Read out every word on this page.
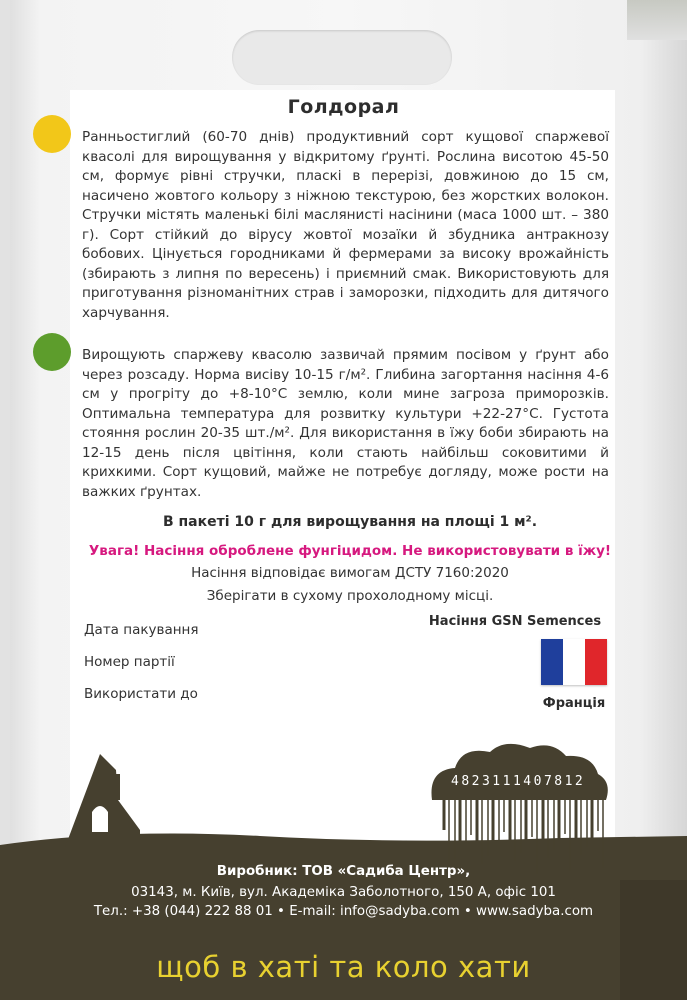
Голдорал
Ранньостиглий (60-70 днів) продуктивний сорт кущової спаржевої квасолі для вирощування у відкритому ґрунті. Рослина висотою 45-50 см, формує рівні стручки, пласкі в перерізі, довжиною до 15 см, насичено жовтого кольору з ніжною текстурою, без жорстких волокон. Стручки містять маленькі білі маслянисті насінини (маса 1000 шт. – 380 г). Сорт стійкий до вірусу жовтої мозаїки й збудника антракнозу бобових. Цінується городниками й фермерами за високу врожайність (збирають з липня по вересень) і приємний смак. Використовують для приготування різноманітних страв і заморозки, підходить для дитячого харчування.
Вирощують спаржеву квасолю зазвичай прямим посівом у ґрунт або через розсаду. Норма висіву 10-15 г/м². Глибина загортання насіння 4-6 см у прогріту до +8-10°С землю, коли мине загроза приморозків. Оптимальна температура для розвитку культури +22-27°С. Густота стояння рослин 20-35 шт./м². Для використання в їжу боби збирають на 12-15 день після цвітіння, коли стають найбільш соковитими й крихкими. Сорт кущовий, майже не потребує догляду, може рости на важких ґрунтах.
В пакеті 10 г для вирощування на площі 1 м².
Увага! Насіння оброблене фунгіцидом. Не використовувати в їжу!
Насіння відповідає вимогам ДСТУ 7160:2020
Зберігати в сухому прохолодному місці.
Дата пакування
Номер партії
Використати до
Насіння GSN Semences
Франція
4823111407812
Виробник: ТОВ «Садиба Центр»,
03143, м. Київ, вул. Академіка Заболотного, 150 А, офіс 101
Тел.: +38 (044) 222 88 01 • E-mail: info@sadyba.com • www.sadyba.com
щоб в хаті та коло хати
